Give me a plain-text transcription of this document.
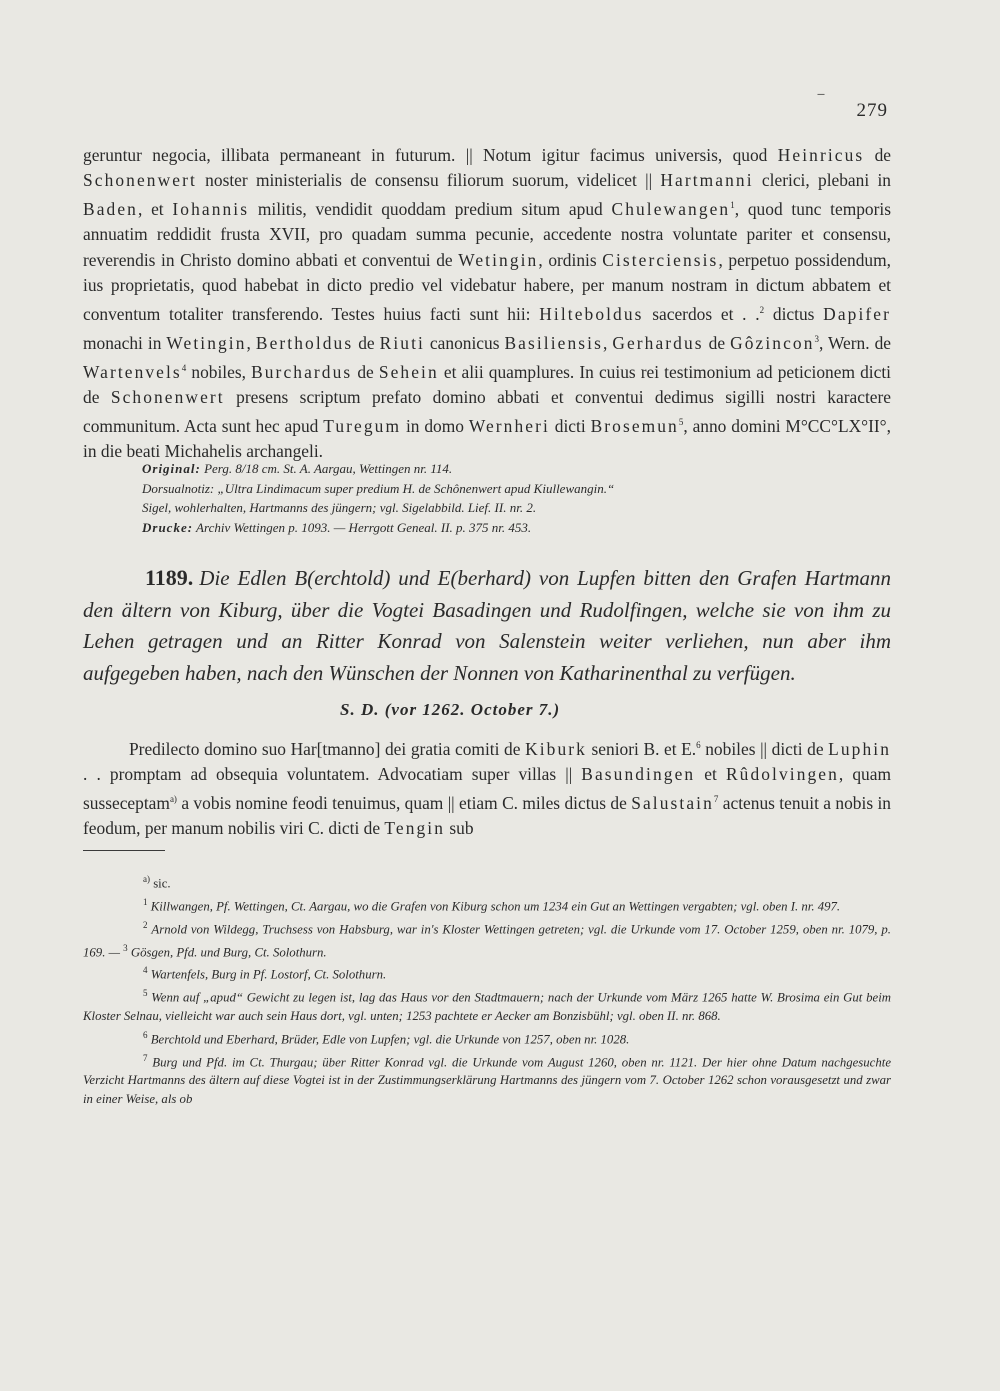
‾ 279
geruntur negocia, illibata permaneant in futurum. || Notum igitur facimus universis, quod Heinricus de Schonenwert noster ministerialis de consensu filiorum suorum, videlicet || Hartmanni clerici, plebani in Baden, et Iohannis militis, vendidit quoddam predium situm apud Chulewangen$^1$, quod tunc temporis annuatim reddidit frusta XVII, pro quadam summa pecunie, accedente nostra voluntate pariter et consensu, reverendis in Christo domino abbati et conventui de Wetingin, ordinis Cisterciensis, perpetuo possidendum, ius proprietatis, quod habebat in dicto predio vel videbatur habere, per manum nostram in dictum abbatem et conventum totaliter transferendo. Testes huius facti sunt hii: Hilteboldus sacerdos et . .$^2$ dictus Dapifer monachi in Wetingin, Bertholdus de Riuti canonicus Basiliensis, Gerhardus de Gôzincon$^3$, Wern. de Wartenvels$^4$ nobiles, Burchardus de Sehein et alii quamplures. In cuius rei testimonium ad peticionem dicti de Schonenwert presens scriptum prefato domino abbati et conventui dedimus sigilli nostri karactere communitum. Acta sunt hec apud Turegum in domo Wernheri dicti Brosemun$^5$, anno domini M°CC°LX°II°, in die beati Michahelis archangeli.
Original: Perg. 8/18 cm. St. A. Aargau, Wettingen nr. 114.
Dorsualnotiz: „Ultra Lindimacum super predium H. de Schônenwert apud Kiullewangin.“
Sigel, wohlerhalten, Hartmanns des jüngern; vgl. Sigelabbild. Lief. II. nr. 2.
Drucke: Archiv Wettingen p. 1093. — Herrgott Geneal. II. p. 375 nr. 453.
1189. Die Edlen B(erchtold) und E(berhard) von Lupfen bitten den Grafen Hartmann den ältern von Kiburg, über die Vogtei Basadingen und Rudolfingen, welche sie von ihm zu Lehen getragen und an Ritter Konrad von Salenstein weiter verliehen, nun aber ihm aufgegeben haben, nach den Wünschen der Nonnen von Katharinenthal zu verfügen.
S. D. (vor 1262. October 7.)
Predilecto domino suo Har[tmanno] dei gratia comiti de Kiburk seniori B. et E.$^6$ nobiles || dicti de Luphin . . promptam ad obsequia voluntatem. Advocatiam super villas || Basundingen et Rûdolvingen, quam susseceptam$^{a)}$ a vobis nomine feodi tenuimus, quam || etiam C. miles dictus de Salustain$^7$ actenus tenuit a nobis in feodum, per manum nobilis viri C. dicti de Tengin sub

$^{a)}$ sic.

$^1$ Killwangen, Pf. Wettingen, Ct. Aargau, wo die Grafen von Kiburg schon um 1234 ein Gut an Wettingen vergabten; vgl. oben I. nr. 497.

$^2$ Arnold von Wildegg, Truchsess von Habsburg, war in's Kloster Wettingen getreten; vgl. die Urkunde vom 17. October 1259, oben nr. 1079, p. 169. — $^3$ Gösgen, Pfd. und Burg, Ct. Solothurn.

$^4$ Wartenfels, Burg in Pf. Lostorf, Ct. Solothurn.

$^5$ Wenn auf „apud“ Gewicht zu legen ist, lag das Haus vor den Stadtmauern; nach der Urkunde vom März 1265 hatte W. Brosima ein Gut beim Kloster Selnau, vielleicht war auch sein Haus dort, vgl. unten; 1253 pachtete er Aecker am Bonzisbühl; vgl. oben II. nr. 868.

$^6$ Berchtold und Eberhard, Brüder, Edle von Lupfen; vgl. die Urkunde von 1257, oben nr. 1028.

$^7$ Burg und Pfd. im Ct. Thurgau; über Ritter Konrad vgl. die Urkunde vom August 1260, oben nr. 1121. Der hier ohne Datum nachgesuchte Verzicht Hartmanns des ältern auf diese Vogtei ist in der Zustimmungserklärung Hartmanns des jüngern vom 7. October 1262 schon vorausgesetzt und zwar in einer Weise, als ob
